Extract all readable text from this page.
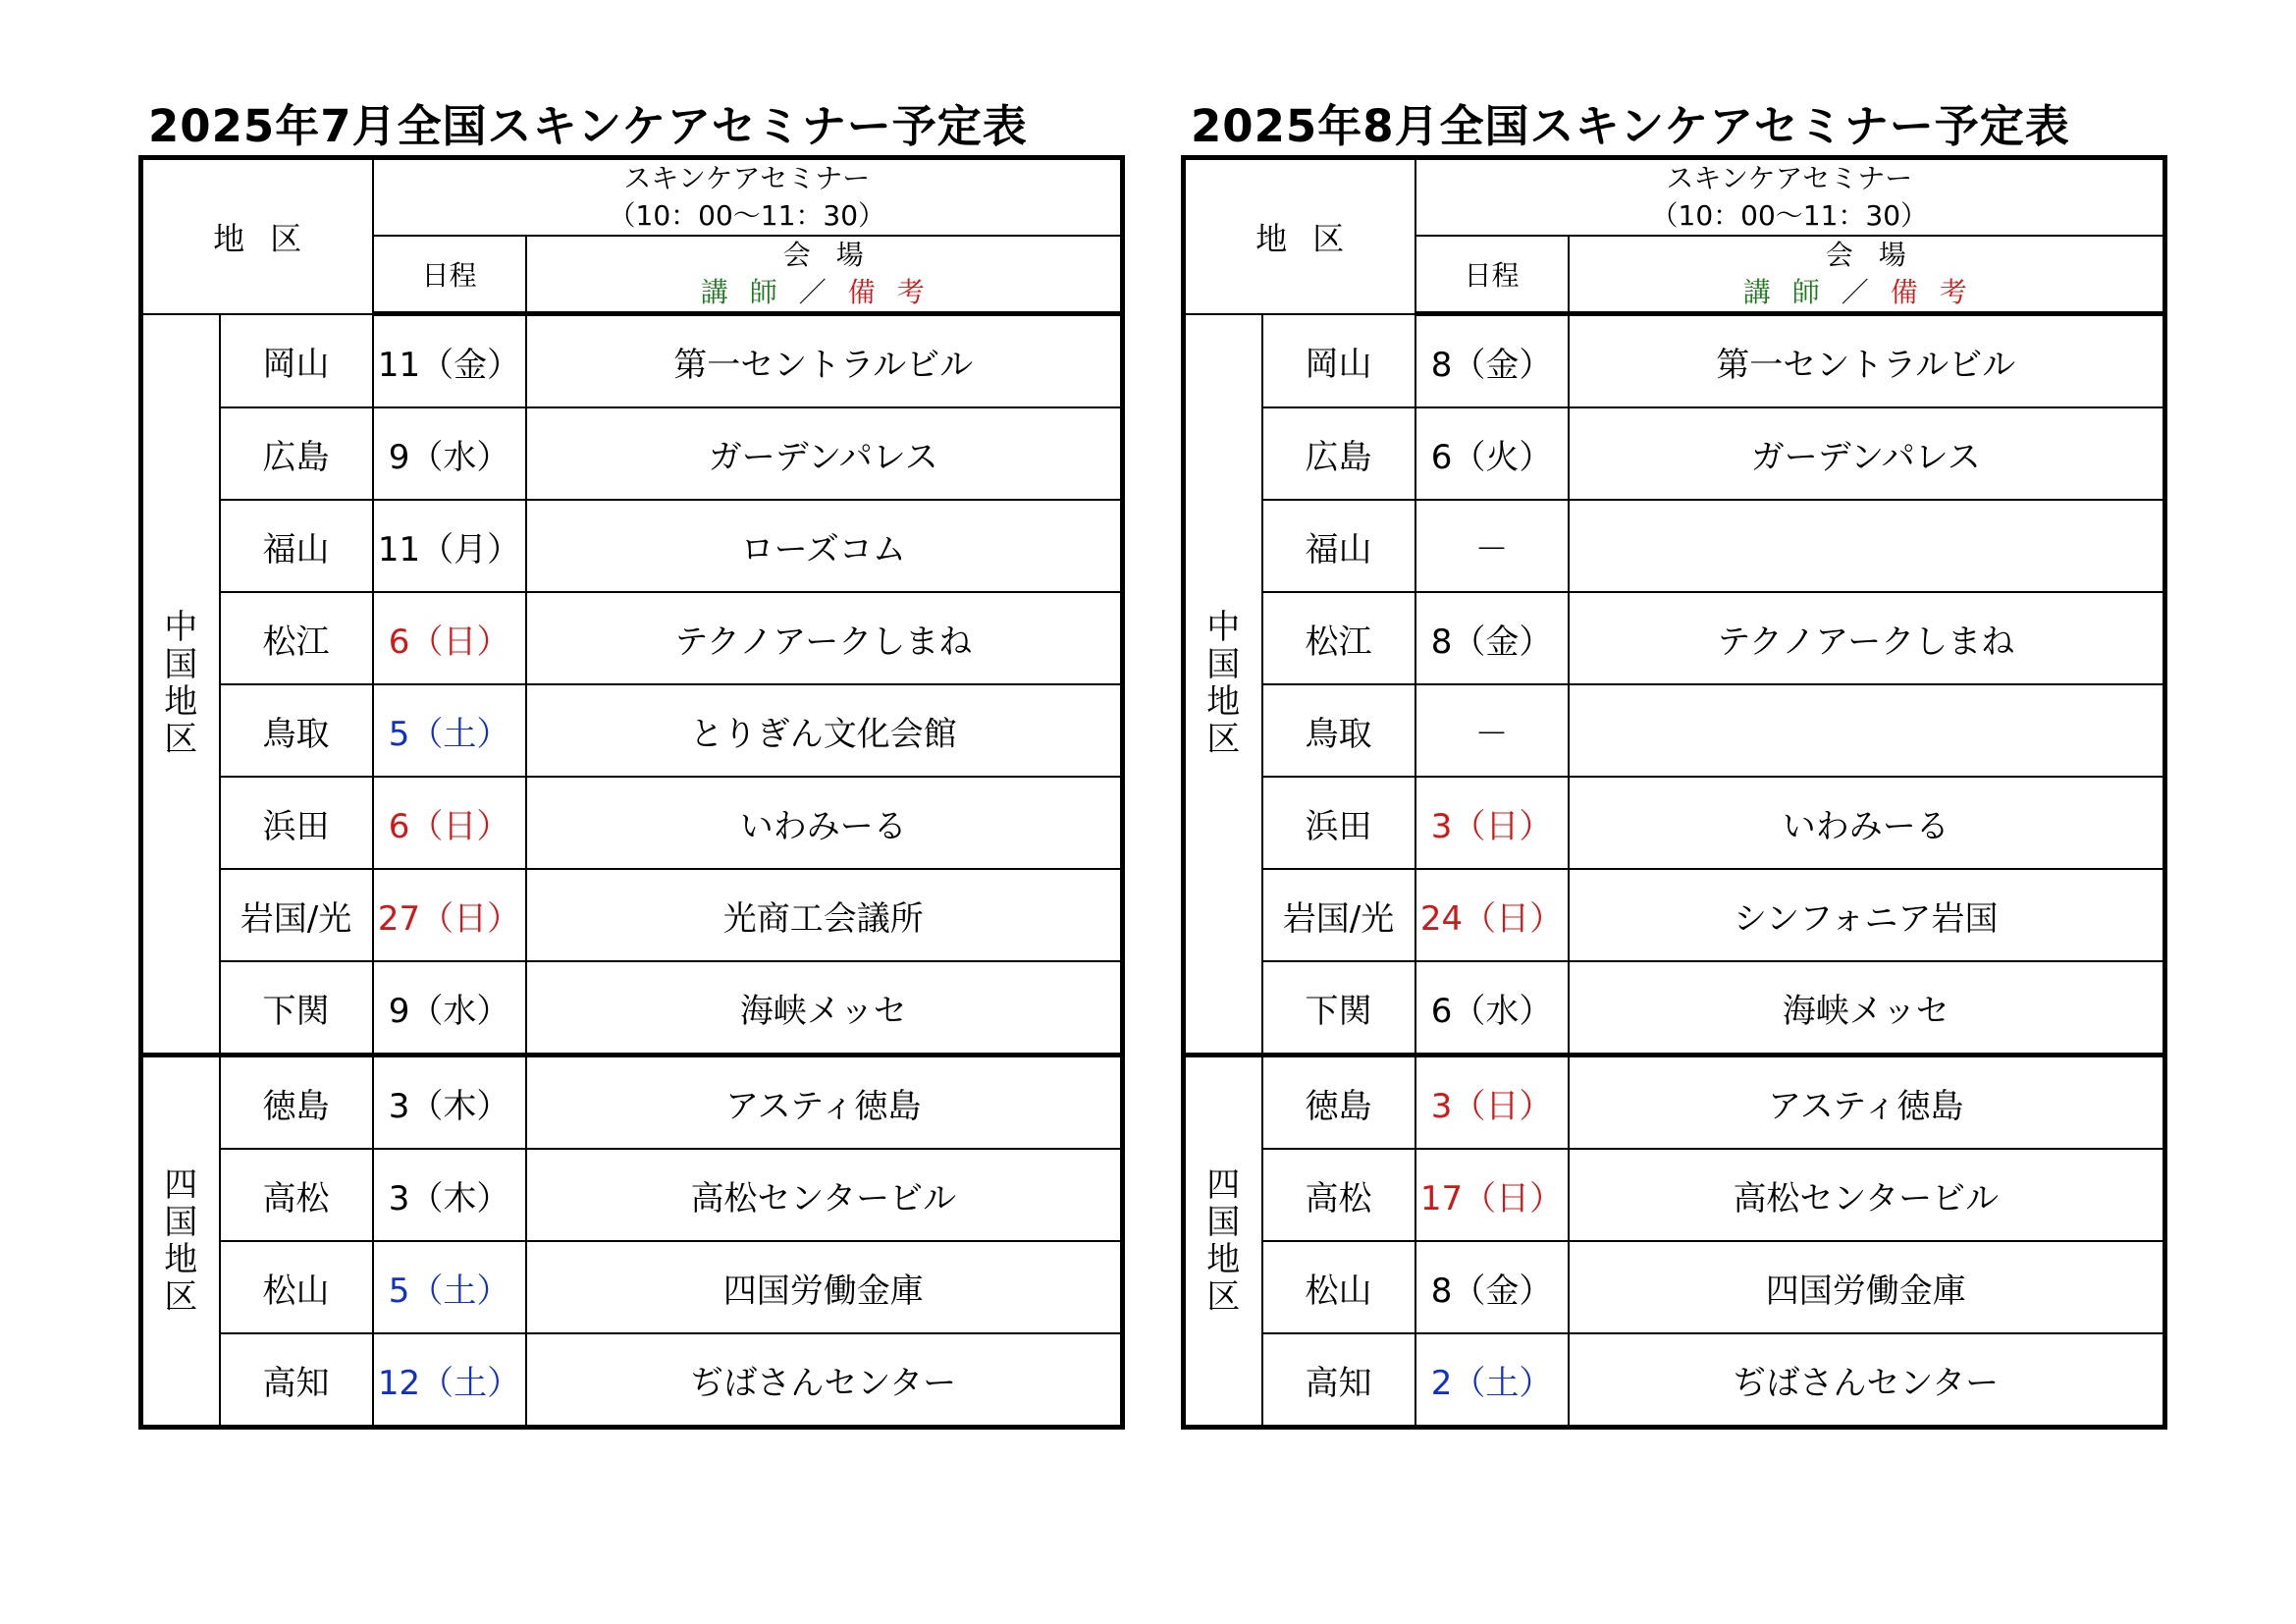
2025年7月全国スキンケアセミナー予定表
地区		スキンケアセミナー
（10：00～11：30）	

		日程	会場
講師／ 備考

中国地区	岡山	11（金）	第一セントラルビル
	広島	9（水）	ガーデンパレス
	福山	11（月）	ローズコム
	松江	6（日）	テクノアークしまね
	鳥取	5（土）	とりぎん文化会館
	浜田	6（日）	いわみーる
	岩国/光	27（日）	光商工会議所
	下関	9（水）	海峡メッセ
四国地区	徳島	3（木）	アスティ徳島
	高松	3（木）	高松センタービル
	松山	5（土）	四国労働金庫
	高知	12（土）	ぢばさんセンター
2025年8月全国スキンケアセミナー予定表
地区		スキンケアセミナー
（10：00～11：30）	

		日程	会場
講師／ 備考

中国地区	岡山	8（金）	第一セントラルビル
	広島	6（火）	ガーデンパレス
	福山	－	
	松江	8（金）	テクノアークしまね
	鳥取	－	
	浜田	3（日）	いわみーる
	岩国/光	24（日）	シンフォニア岩国
	下関	6（水）	海峡メッセ
四国地区	徳島	3（日）	アスティ徳島
	高松	17（日）	高松センタービル
	松山	8（金）	四国労働金庫
	高知	2（土）	ぢばさんセンター
